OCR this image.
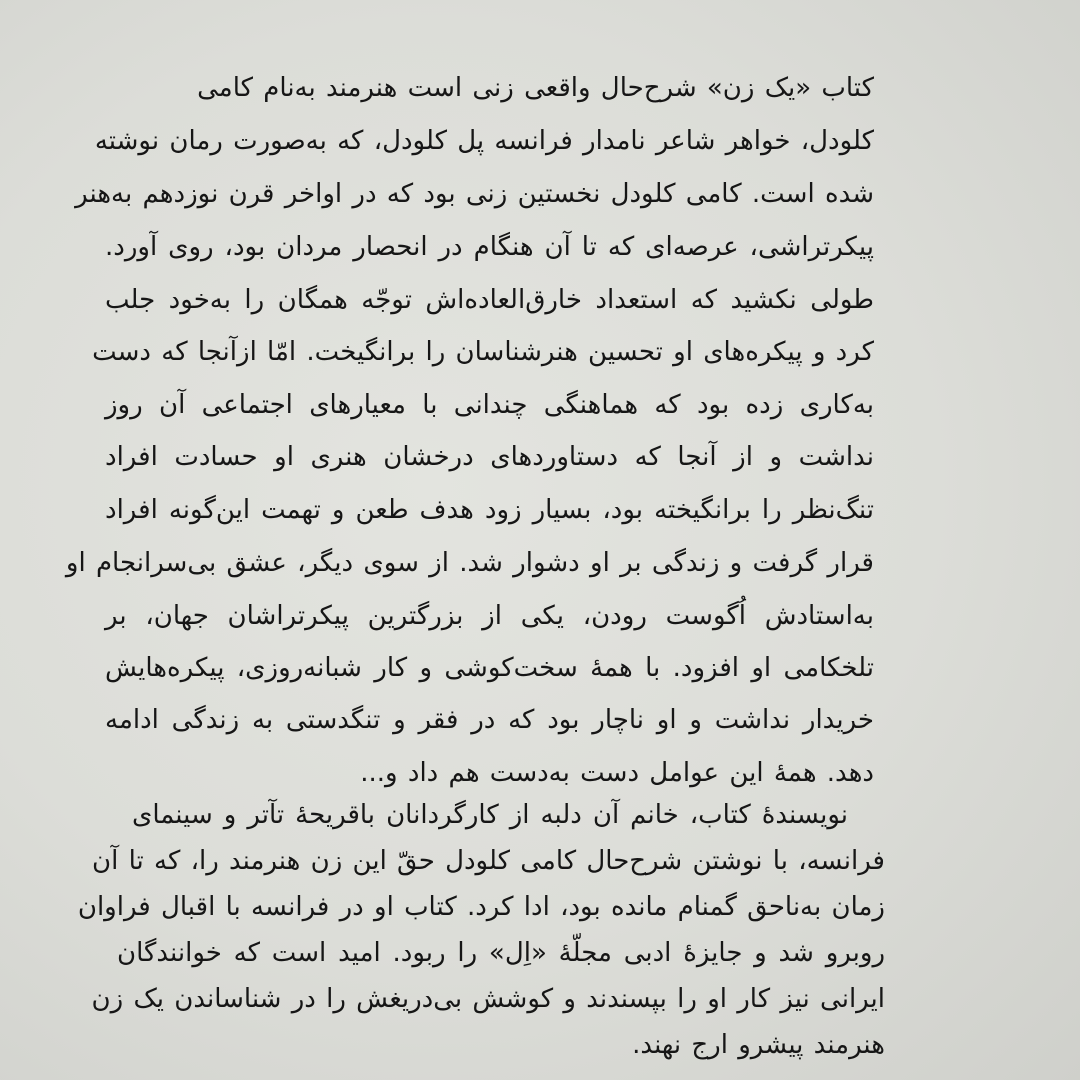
کتاب «یک زن» شرح‌حال واقعی زنی است هنرمند به‌نام کامی
کلودل، خواهر شاعر نامدار فرانسه پل کلودل، که به‌صورت رمان نوشته
شده است. کامی کلودل نخستین زنی بود که در اواخر قرن نوزدهم به‌هنر
پیکرتراشی، عرصه‌ای که تا آن هنگام در انحصار مردان بود، روی آورد.
طولی نکشید که استعداد خارق‌العاده‌اش توجّه همگان را به‌خود جلب
کرد و پیکره‌های او تحسین هنرشناسان را برانگیخت. امّا ازآنجا که دست
به‌کاری زده بود که هماهنگی چندانی با معیارهای اجتماعی آن روز
نداشت و از آنجا که دستاوردهای درخشان هنری او حسادت افراد
تنگ‌نظر را برانگیخته بود، بسیار زود هدف طعن و تهمت این‌گونه افراد
قرار گرفت و زندگی بر او دشوار شد. از سوی دیگر، عشق بی‌سرانجام او
به‌استادش اُگوست رودن، یکی از بزرگترین پیکرتراشان جهان، بر
تلخکامی او افزود. با همهٔ سخت‌کوشی و کار شبانه‌روزی، پیکره‌هایش
خریدار نداشت و او ناچار بود که در فقر و تنگدستی به زندگی ادامه
دهد. همهٔ این عوامل دست به‌دست هم داد و...
نویسندهٔ کتاب، خانم آن دلبه از کارگردانان باقریحهٔ تآتر و سینمای
فرانسه، با نوشتن شرح‌حال کامی کلودل حقّ این زن هنرمند را، که تا آن
زمان به‌ناحق گمنام مانده بود، ادا کرد. کتاب او در فرانسه با اقبال فراوان
روبرو شد و جایزهٔ ادبی مجلّهٔ «اِل» را ربود. امید است که خوانندگان
ایرانی نیز کار او را بپسندند و کوشش بی‌دریغش را در شناساندن یک زن
هنرمند پیشرو ارج نهند.
